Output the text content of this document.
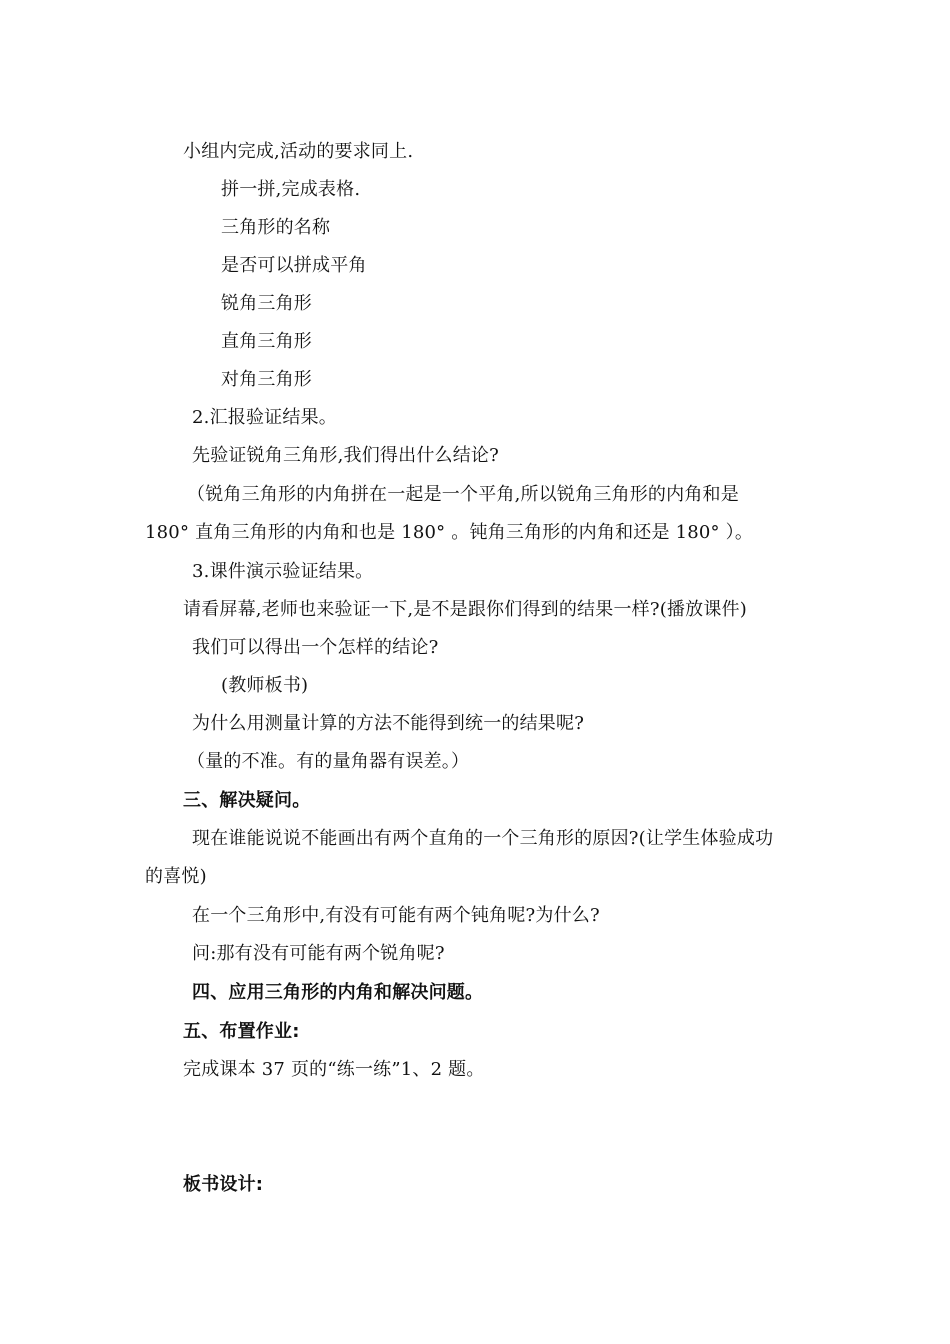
小组内完成,活动的要求同上.
拼一拼,完成表格.
三角形的名称
是否可以拼成平角
锐角三角形
直角三角形
对角三角形
2.汇报验证结果。
先验证锐角三角形,我们得出什么结论?
（锐角三角形的内角拼在一起是一个平角,所以锐角三角形的内角和是
180° 直角三角形的内角和也是 180° 。钝角三角形的内角和还是 180° ）。
3.课件演示验证结果。
请看屏幕,老师也来验证一下,是不是跟你们得到的结果一样?(播放课件)
我们可以得出一个怎样的结论?
(教师板书)
为什么用测量计算的方法不能得到统一的结果呢?
（量的不准。有的量角器有误差。）
三、解决疑问。
现在谁能说说不能画出有两个直角的一个三角形的原因?(让学生体验成功
的喜悦)
在一个三角形中,有没有可能有两个钝角呢?为什么?
问:那有没有可能有两个锐角呢?
四、应用三角形的内角和解决问题。
五、布置作业:
完成课本 37 页的“练一练”1、2 题。
板书设计:
